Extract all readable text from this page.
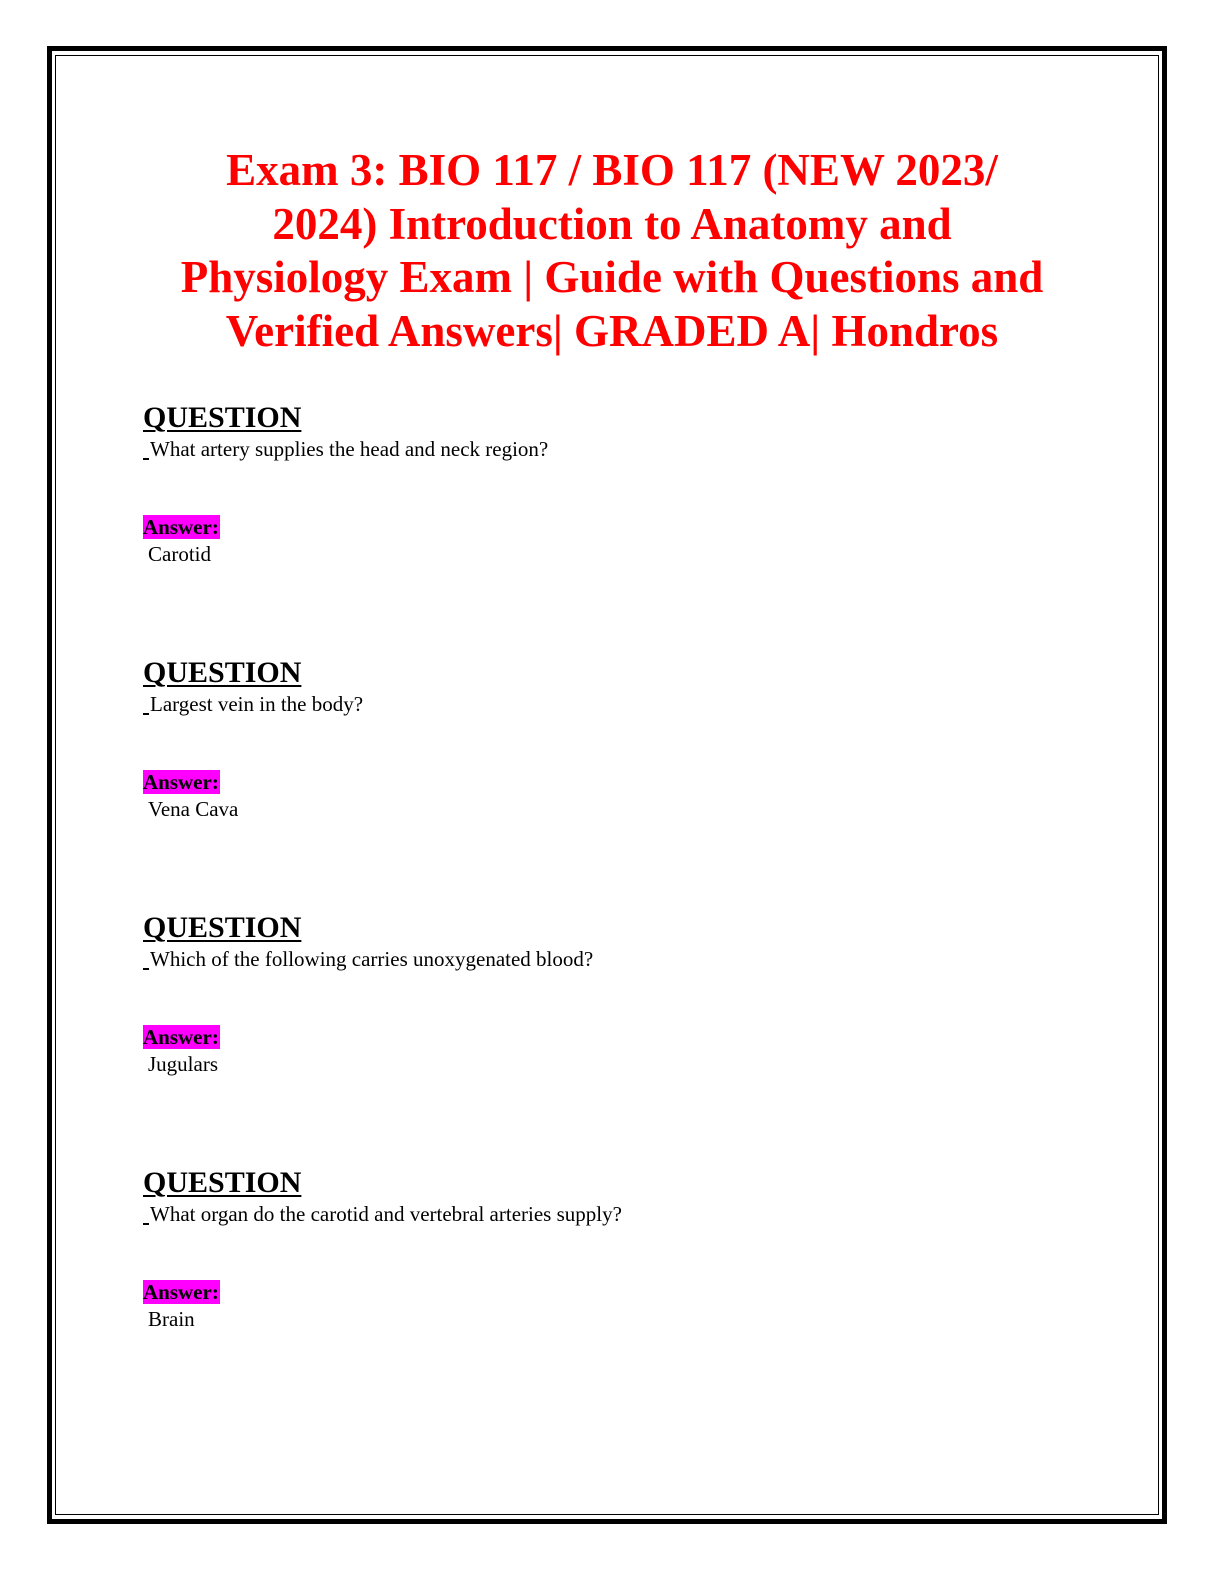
Exam 3: BIO 117 / BIO 117 (NEW 2023/
2024) Introduction to Anatomy and
Physiology Exam | Guide with Questions and
Verified Answers| GRADED A| Hondros
QUESTION
What artery supplies the head and neck region?
Answer:
Carotid
QUESTION
Largest vein in the body?
Answer:
Vena Cava
QUESTION
Which of the following carries unoxygenated blood?
Answer:
Jugulars
QUESTION
What organ do the carotid and vertebral arteries supply?
Answer:
Brain
